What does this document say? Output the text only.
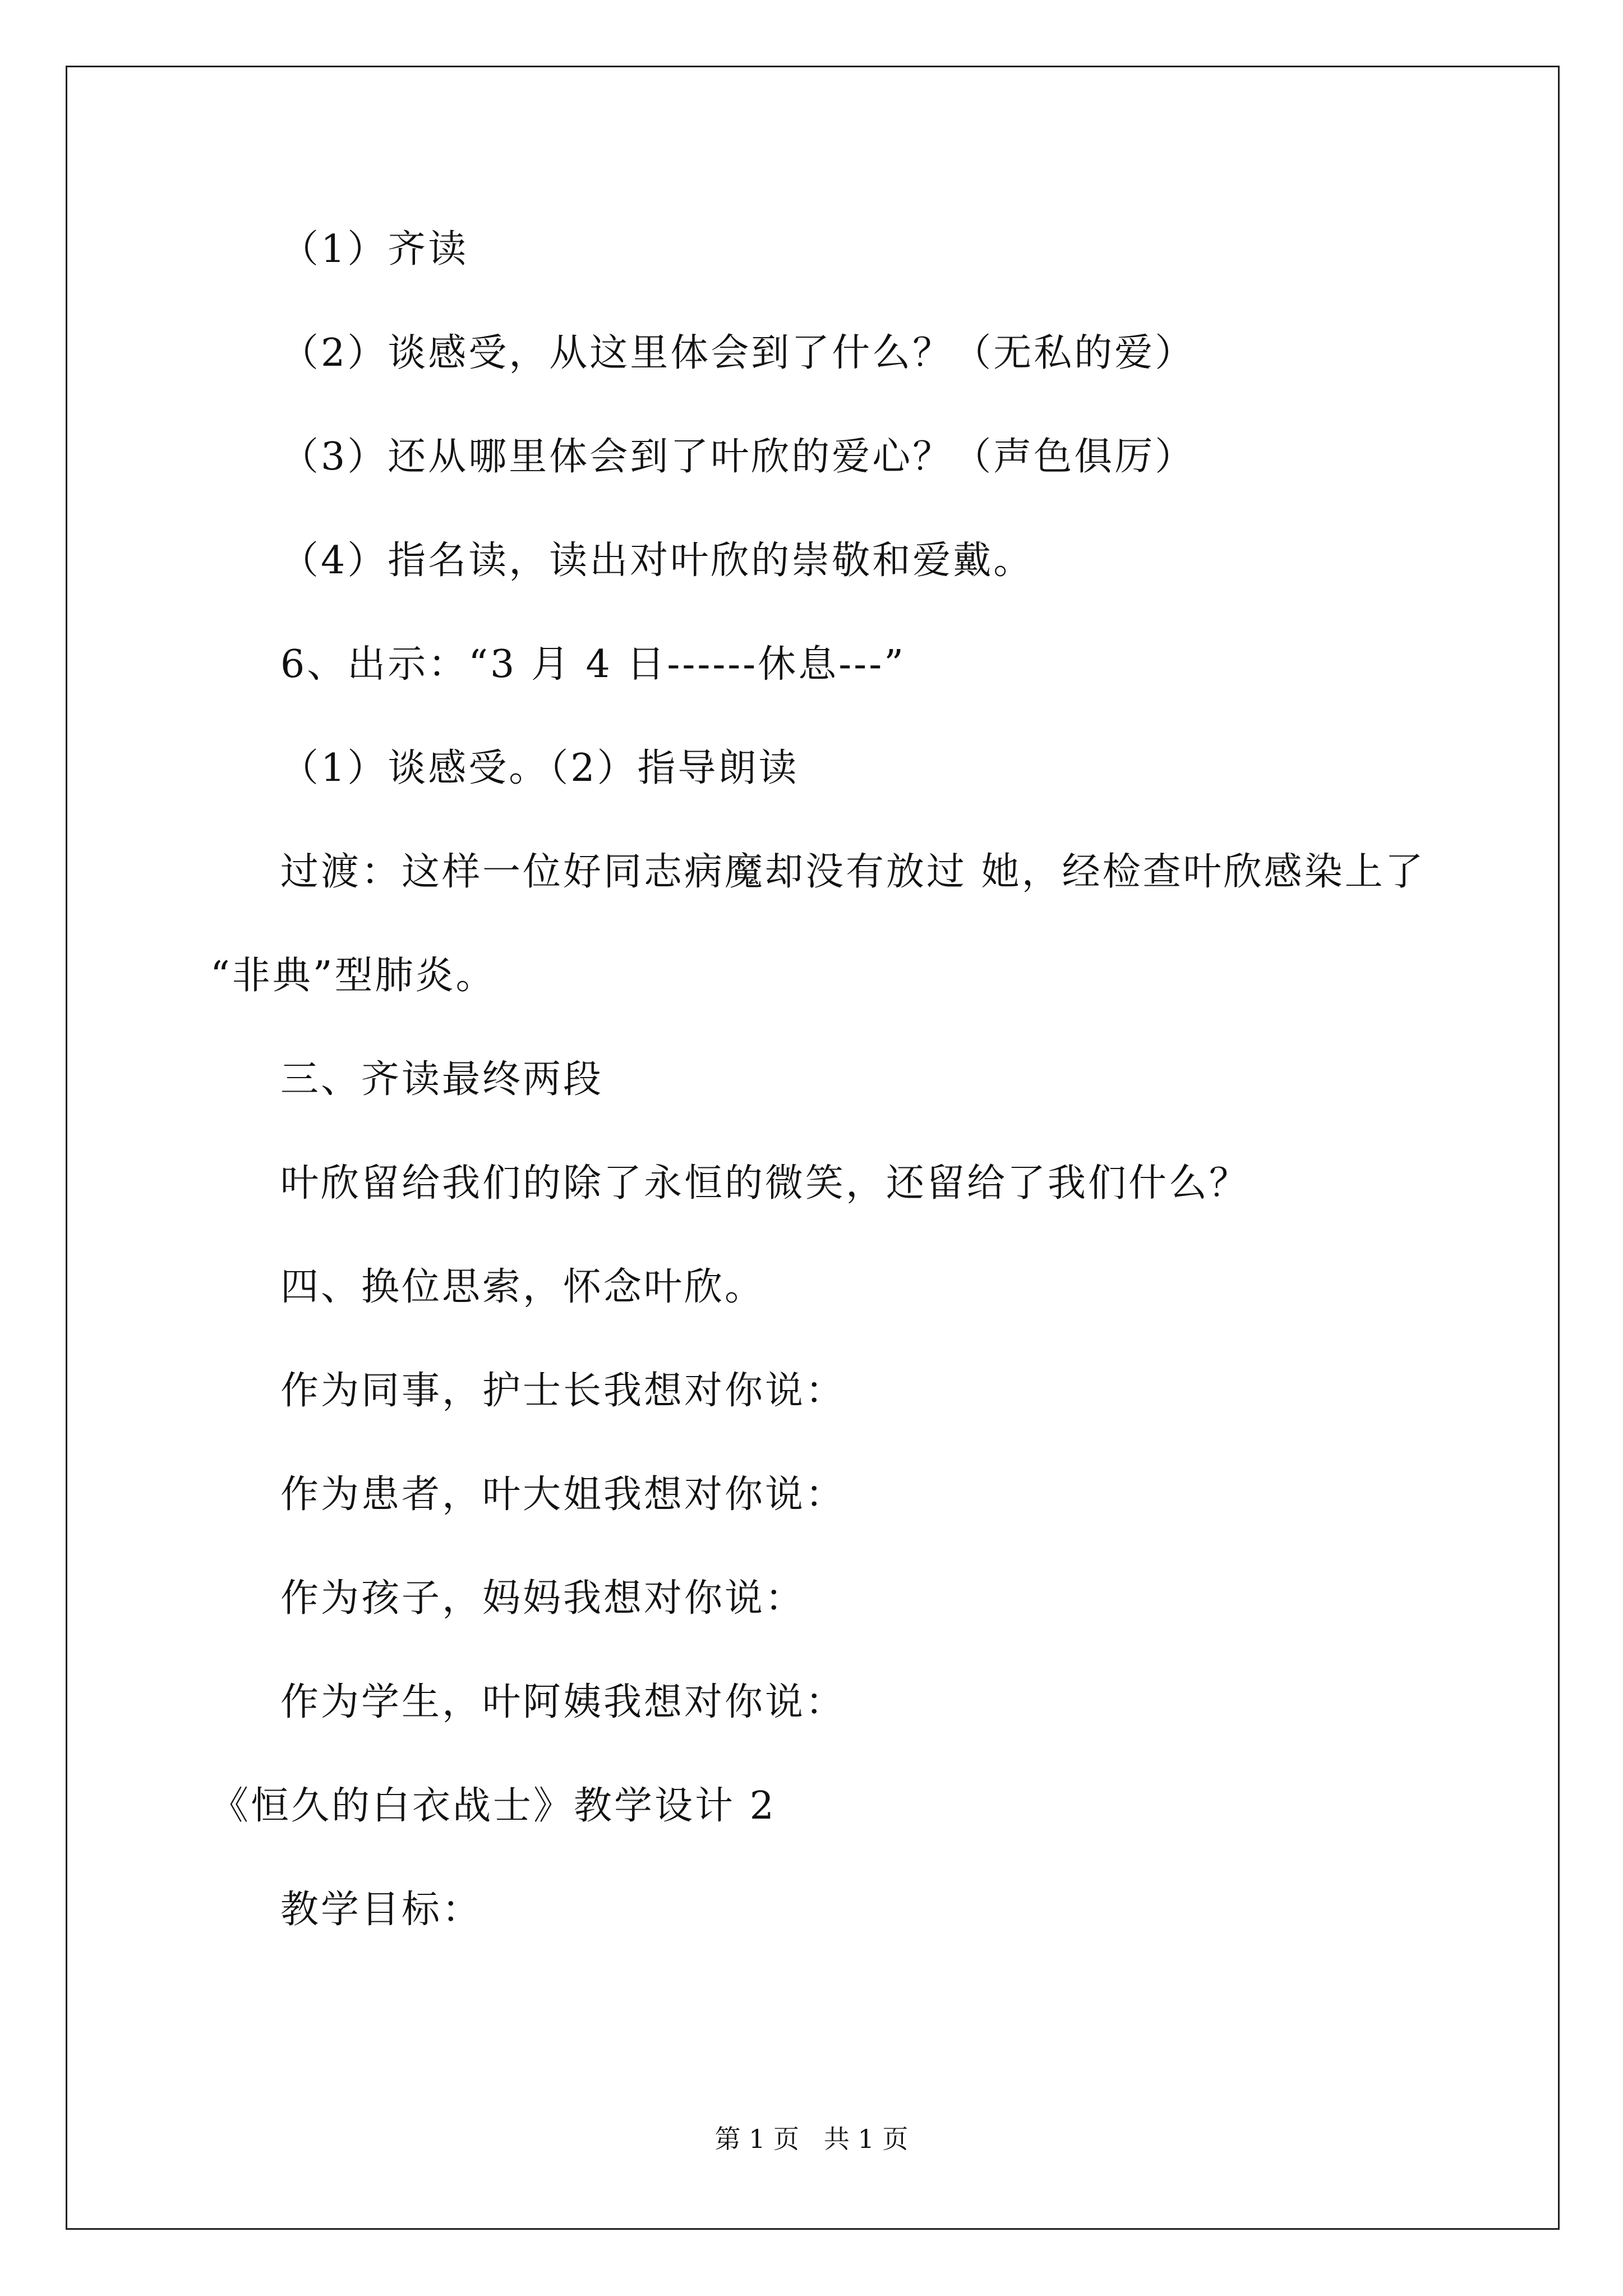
（1）齐读
（2）谈感受，从这里体会到了什么？（无私的爱）
（3）还从哪里体会到了叶欣的爱心？（声色俱厉）
（4）指名读，读出对叶欣的崇敬和爱戴。
6、出示：“3 月 4 日------休息---”
（1）谈感受。（2）指导朗读
过渡：这样一位好同志病魔却没有放过 她，经检查叶欣感染上了
“非典”型肺炎。
三、齐读最终两段
叶欣留给我们的除了永恒的微笑，还留给了我们什么？
四、换位思索，怀念叶欣。
作为同事，护士长我想对你说：
作为患者，叶大姐我想对你说：
作为孩子，妈妈我想对你说：
作为学生，叶阿姨我想对你说：
《恒久的白衣战士》教学设计 2
教学目标：
第 1 页   共 1 页
